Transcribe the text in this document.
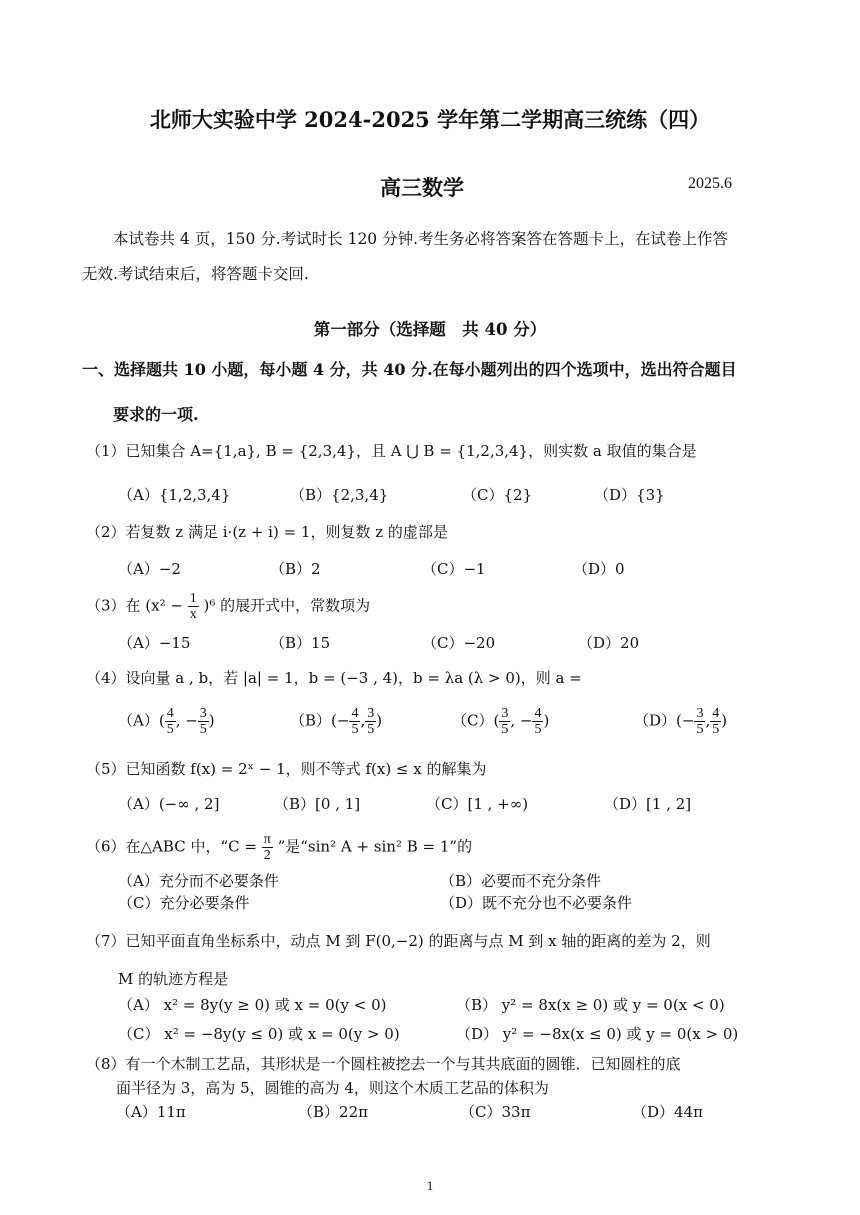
北师大实验中学 2024-2025 学年第二学期高三统练（四）
高三数学	2025.6
本试卷共 4 页，150 分.考试时长 120 分钟.考生务必将答案答在答题卡上，在试卷上作答
无效.考试结束后，将答题卡交回.
第一部分（选择题　共 40 分）
一、选择题共 10 小题，每小题 4 分，共 40 分.在每小题列出的四个选项中，选出符合题目
要求的一项.
（1）已知集合 A={1,a}, B = {2,3,4}，且 A ⋃ B = {1,2,3,4}，则实数 a 取值的集合是
（A）{1,2,3,4}	（B）{2,3,4}	（C）{2}	（D）{3}
（2）若复数 z 满足 i·(z + i) = 1，则复数 z 的虚部是
（A）−2	（B）2	（C）−1	（D）0
（3）在 $(x^2 - \frac{1}{x} )^6$ 的展开式中，常数项为
（A）−15	（B）15	（C）−20	（D）20
（4）设向量 a , b，若 |a| = 1，b = (−3 , 4)，b = λa (λ > 0)，则 a =
$(A)( \frac{4}{5}$ , − $\frac{3}{5}$ )	$(B)(- \frac{4}{5}$ , $\frac{3}{5}$ )	$(C)( \frac{3}{5}$ , − $\frac{4}{5}$ )	$(D)(- \frac{3}{5}$ , $\frac{4}{5}$ )
（5）已知函数 f(x) = 2ˣ − 1，则不等式 f(x) ≤ x 的解集为
（A）(−∞ , 2]	（B）[0 , 1]	（C）[1 , +∞)	（D）[1 , 2]
（6）在△ABC 中，“$C = \frac{\pi}{2}$ ”是“sin² A + sin² B = 1”的
（A）充分而不必要条件	（B）必要而不充分条件
（C）充分必要条件	（D）既不充分也不必要条件
（7）已知平面直角坐标系中，动点 M 到 F(0,−2) 的距离与点 M 到 x 轴的距离的差为 2，则
M 的轨迹方程是
（A） x² = 8y(y ≥ 0) 或 x = 0(y < 0)	（B） y² = 8x(x ≥ 0) 或 y = 0(x < 0)
（C） x² = −8y(y ≤ 0) 或 x = 0(y > 0)	（D） y² = −8x(x ≤ 0) 或 y = 0(x > 0)
（8）有一个木制工艺品，其形状是一个圆柱被挖去一个与其共底面的圆锥．已知圆柱的底
面半径为 3，高为 5，圆锥的高为 4，则这个木质工艺品的体积为
（A）11π	（B）22π	（C）33π	（D）44π
1
